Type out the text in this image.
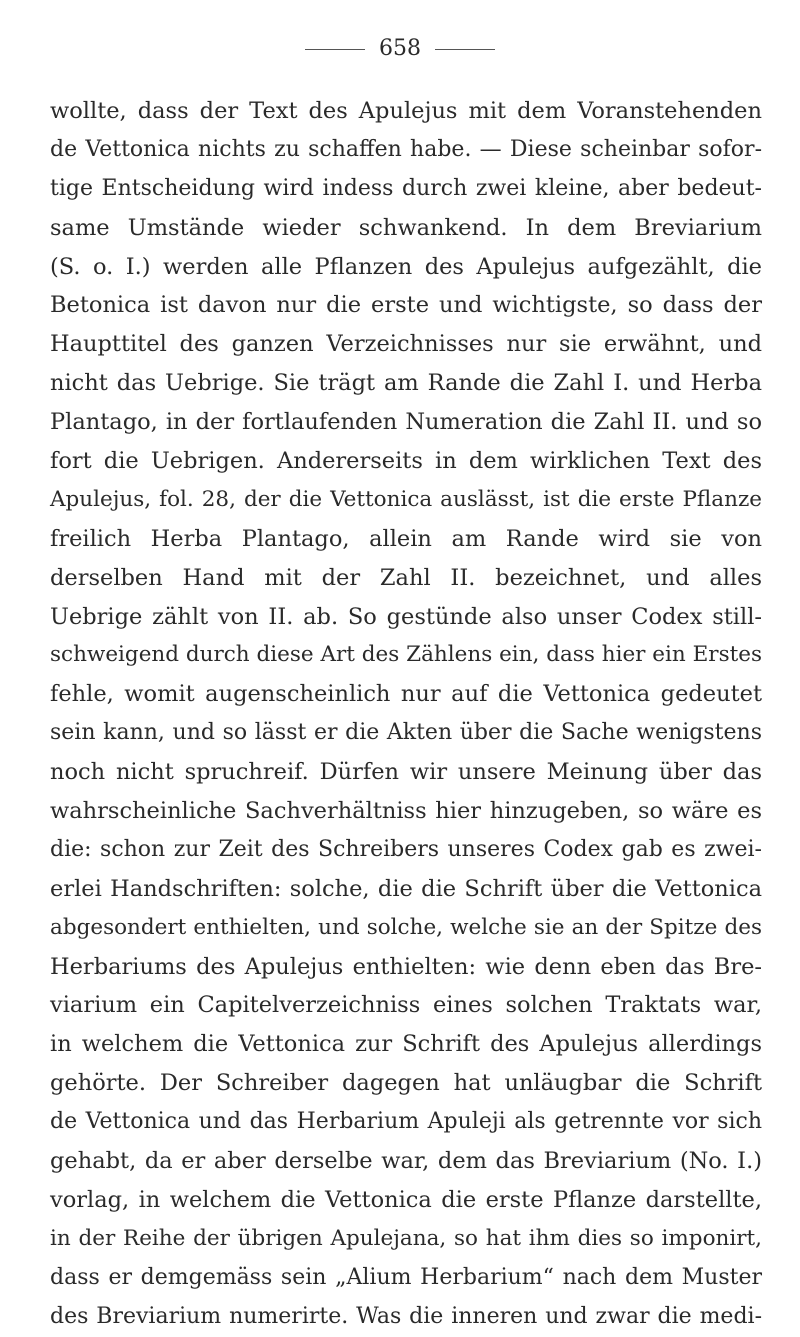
658
wollte, dass der Text des Apulejus mit dem Voranstehenden
de Vettonica nichts zu schaffen habe. — Diese scheinbar sofor-
tige Entscheidung wird indess durch zwei kleine, aber bedeut-
same Umstände wieder schwankend. In dem Breviarium
(S. o. I.) werden alle Pflanzen des Apulejus aufgezählt, die
Betonica ist davon nur die erste und wichtigste, so dass der
Haupttitel des ganzen Verzeichnisses nur sie erwähnt, und
nicht das Uebrige. Sie trägt am Rande die Zahl I. und Herba
Plantago, in der fortlaufenden Numeration die Zahl II. und so
fort die Uebrigen. Andererseits in dem wirklichen Text des
Apulejus, fol. 28, der die Vettonica auslässt, ist die erste Pflanze
freilich Herba Plantago, allein am Rande wird sie von
derselben Hand mit der Zahl II. bezeichnet, und alles
Uebrige zählt von II. ab. So gestünde also unser Codex still-
schweigend durch diese Art des Zählens ein, dass hier ein Erstes
fehle, womit augenscheinlich nur auf die Vettonica gedeutet
sein kann, und so lässt er die Akten über die Sache wenigstens
noch nicht spruchreif. Dürfen wir unsere Meinung über das
wahrscheinliche Sachverhältniss hier hinzugeben, so wäre es
die: schon zur Zeit des Schreibers unseres Codex gab es zwei-
erlei Handschriften: solche, die die Schrift über die Vettonica
abgesondert enthielten, und solche, welche sie an der Spitze des
Herbariums des Apulejus enthielten: wie denn eben das Bre-
viarium ein Capitelverzeichniss eines solchen Traktats war,
in welchem die Vettonica zur Schrift des Apulejus allerdings
gehörte. Der Schreiber dagegen hat unläugbar die Schrift
de Vettonica und das Herbarium Apuleji als getrennte vor sich
gehabt, da er aber derselbe war, dem das Breviarium (No. I.)
vorlag, in welchem die Vettonica die erste Pflanze darstellte,
in der Reihe der übrigen Apulejana, so hat ihm dies so imponirt,
dass er demgemäss sein „Alium Herbarium“ nach dem Muster
des Breviarium numerirte. Was die inneren und zwar die medi-
